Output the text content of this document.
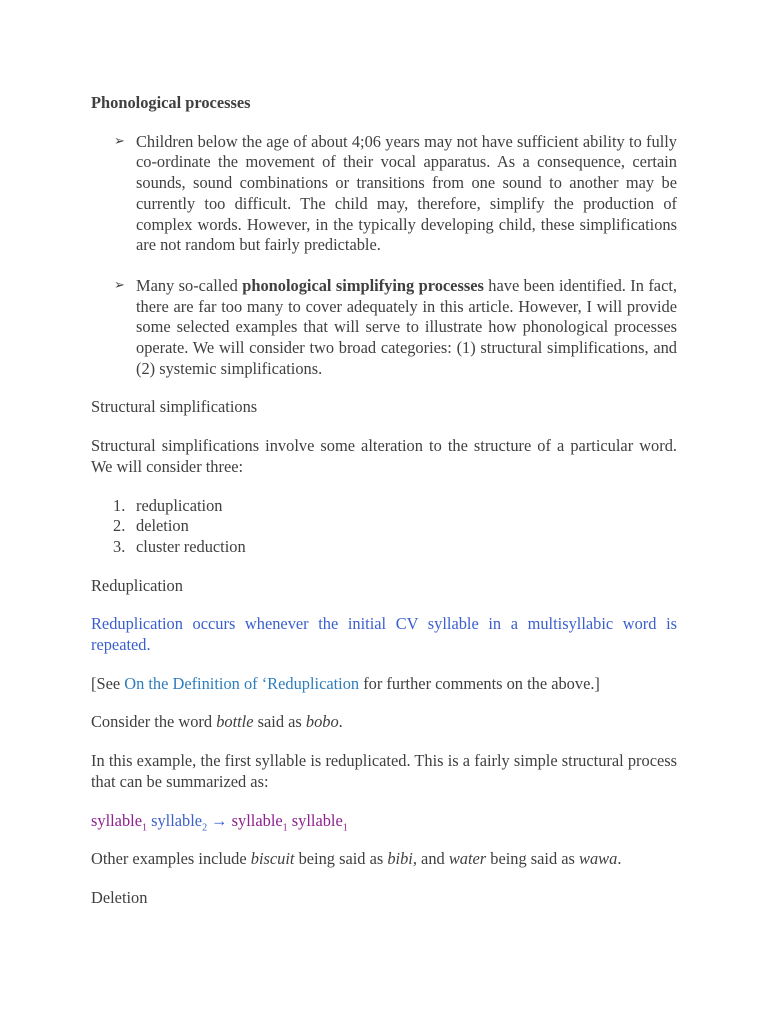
Phonological processes
➢ Children below the age of about 4;06 years may not have sufficient ability to fully co-ordinate the movement of their vocal apparatus. As a consequence, certain sounds, sound combinations or transitions from one sound to another may be currently too difficult. The child may, therefore, simplify the production of complex words. However, in the typically developing child, these simplifications are not random but fairly predictable.
➢ Many so-called phonological simplifying processes have been identified. In fact, there are far too many to cover adequately in this article. However, I will provide some selected examples that will serve to illustrate how phonological processes operate. We will consider two broad categories: (1) structural simplifications, and (2) systemic simplifications.

Structural simplifications

Structural simplifications involve some alteration to the structure of a particular word. We will consider three:

1. reduplication
2. deletion
3. cluster reduction

Reduplication

Reduplication occurs whenever the initial CV syllable in a multisyllabic word is repeated.

[See On the Definition of ‘Reduplication for further comments on the above.]

Consider the word bottle said as bobo.

In this example, the first syllable is reduplicated. This is a fairly simple structural process that can be summarized as:

syllable$_1$ syllable$_2$ → syllable$_1$ syllable$_1$

Other examples include biscuit being said as bibi, and water being said as wawa.

Deletion
